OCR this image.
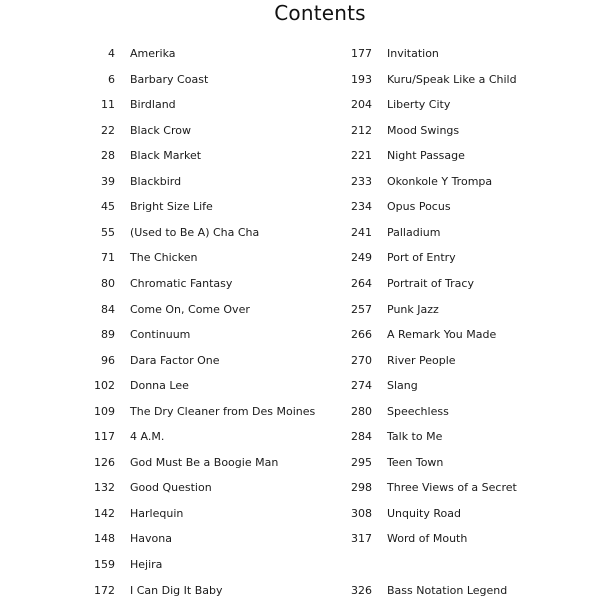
Contents
4 Amerika
6 Barbary Coast
11 Birdland
22 Black Crow
28 Black Market
39 Blackbird
45 Bright Size Life
55 (Used to Be A) Cha Cha
71 The Chicken
80 Chromatic Fantasy
84 Come On, Come Over
89 Continuum
96 Dara Factor One
102 Donna Lee
109 The Dry Cleaner from Des Moines
117 4 A.M.
126 God Must Be a Boogie Man
132 Good Question
142 Harlequin
148 Havona
159 Hejira
172 I Can Dig It Baby
177 Invitation
193 Kuru/Speak Like a Child
204 Liberty City
212 Mood Swings
221 Night Passage
233 Okonkole Y Trompa
234 Opus Pocus
241 Palladium
249 Port of Entry
264 Portrait of Tracy
257 Punk Jazz
266 A Remark You Made
270 River People
274 Slang
280 Speechless
284 Talk to Me
295 Teen Town
298 Three Views of a Secret
308 Unquity Road
317 Word of Mouth
326 Bass Notation Legend
